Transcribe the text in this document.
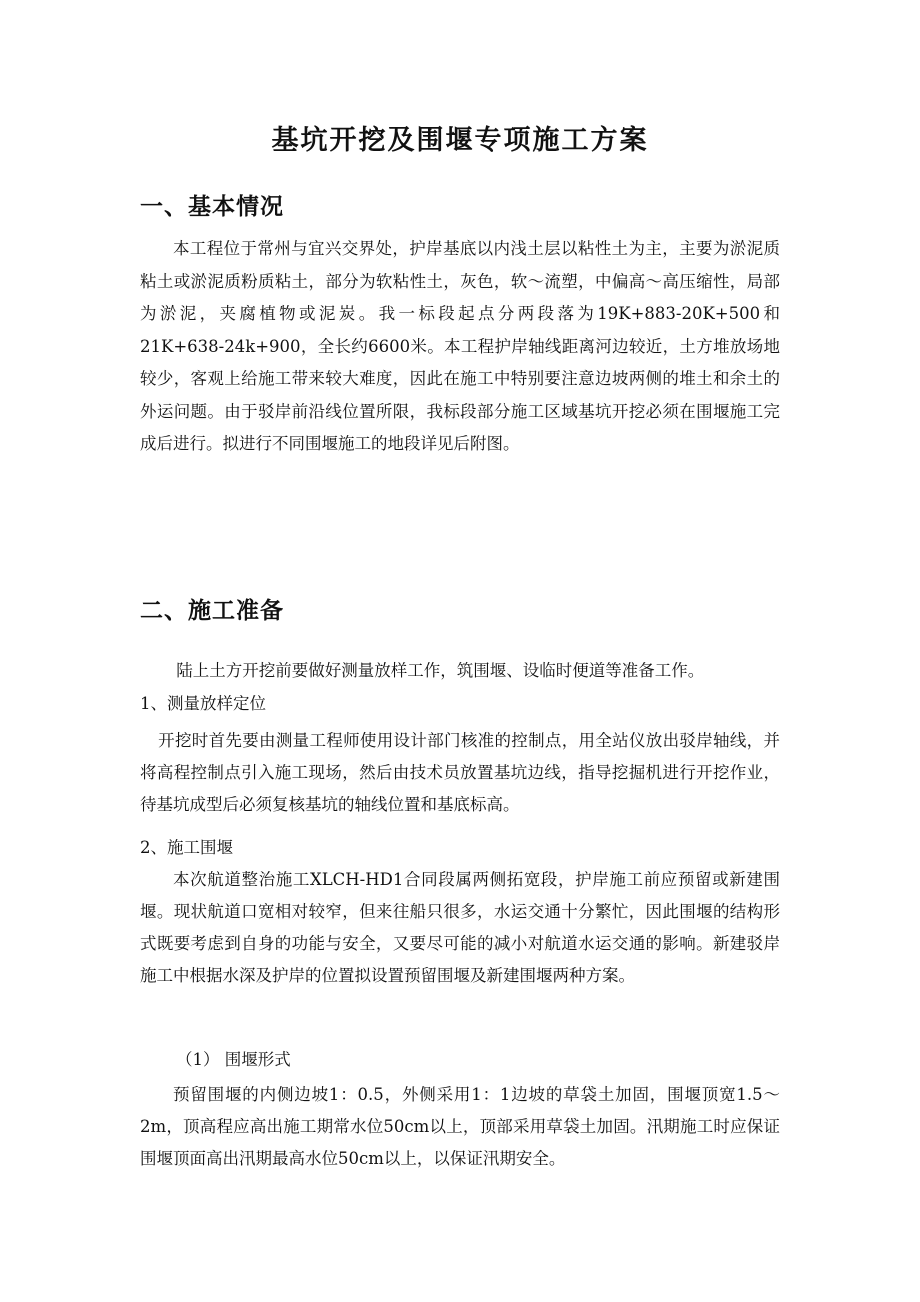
基坑开挖及围堰专项施工方案
一、基本情况
本工程位于常州与宜兴交界处，护岸基底以内浅土层以粘性土为主，主要为淤泥质粘土或淤泥质粉质粘土，部分为软粘性土，灰色，软～流塑，中偏高～高压缩性，局部为淤泥，夹腐植物或泥炭。我一标段起点分两段落为19K+883-20K+500和21K+638-24k+900，全长约6600米。本工程护岸轴线距离河边较近，土方堆放场地较少，客观上给施工带来较大难度，因此在施工中特别要注意边坡两侧的堆土和余土的外运问题。由于驳岸前沿线位置所限，我标段部分施工区域基坑开挖必须在围堰施工完成后进行。拟进行不同围堰施工的地段详见后附图。
二、施工准备
陆上土方开挖前要做好测量放样工作，筑围堰、设临时便道等准备工作。
1、测量放样定位
开挖时首先要由测量工程师使用设计部门核准的控制点，用全站仪放出驳岸轴线，并将高程控制点引入施工现场，然后由技术员放置基坑边线，指导挖掘机进行开挖作业，待基坑成型后必须复核基坑的轴线位置和基底标高。
2、施工围堰
本次航道整治施工XLCH-HD1合同段属两侧拓宽段，护岸施工前应预留或新建围堰。现状航道口宽相对较窄，但来往船只很多，水运交通十分繁忙，因此围堰的结构形式既要考虑到自身的功能与安全，又要尽可能的减小对航道水运交通的影响。新建驳岸施工中根据水深及护岸的位置拟设置预留围堰及新建围堰两种方案。
（1） 围堰形式
预留围堰的内侧边坡1：0.5，外侧采用1：1边坡的草袋土加固，围堰顶宽1.5～2m，顶高程应高出施工期常水位50cm以上，顶部采用草袋土加固。汛期施工时应保证围堰顶面高出汛期最高水位50cm以上，以保证汛期安全。
